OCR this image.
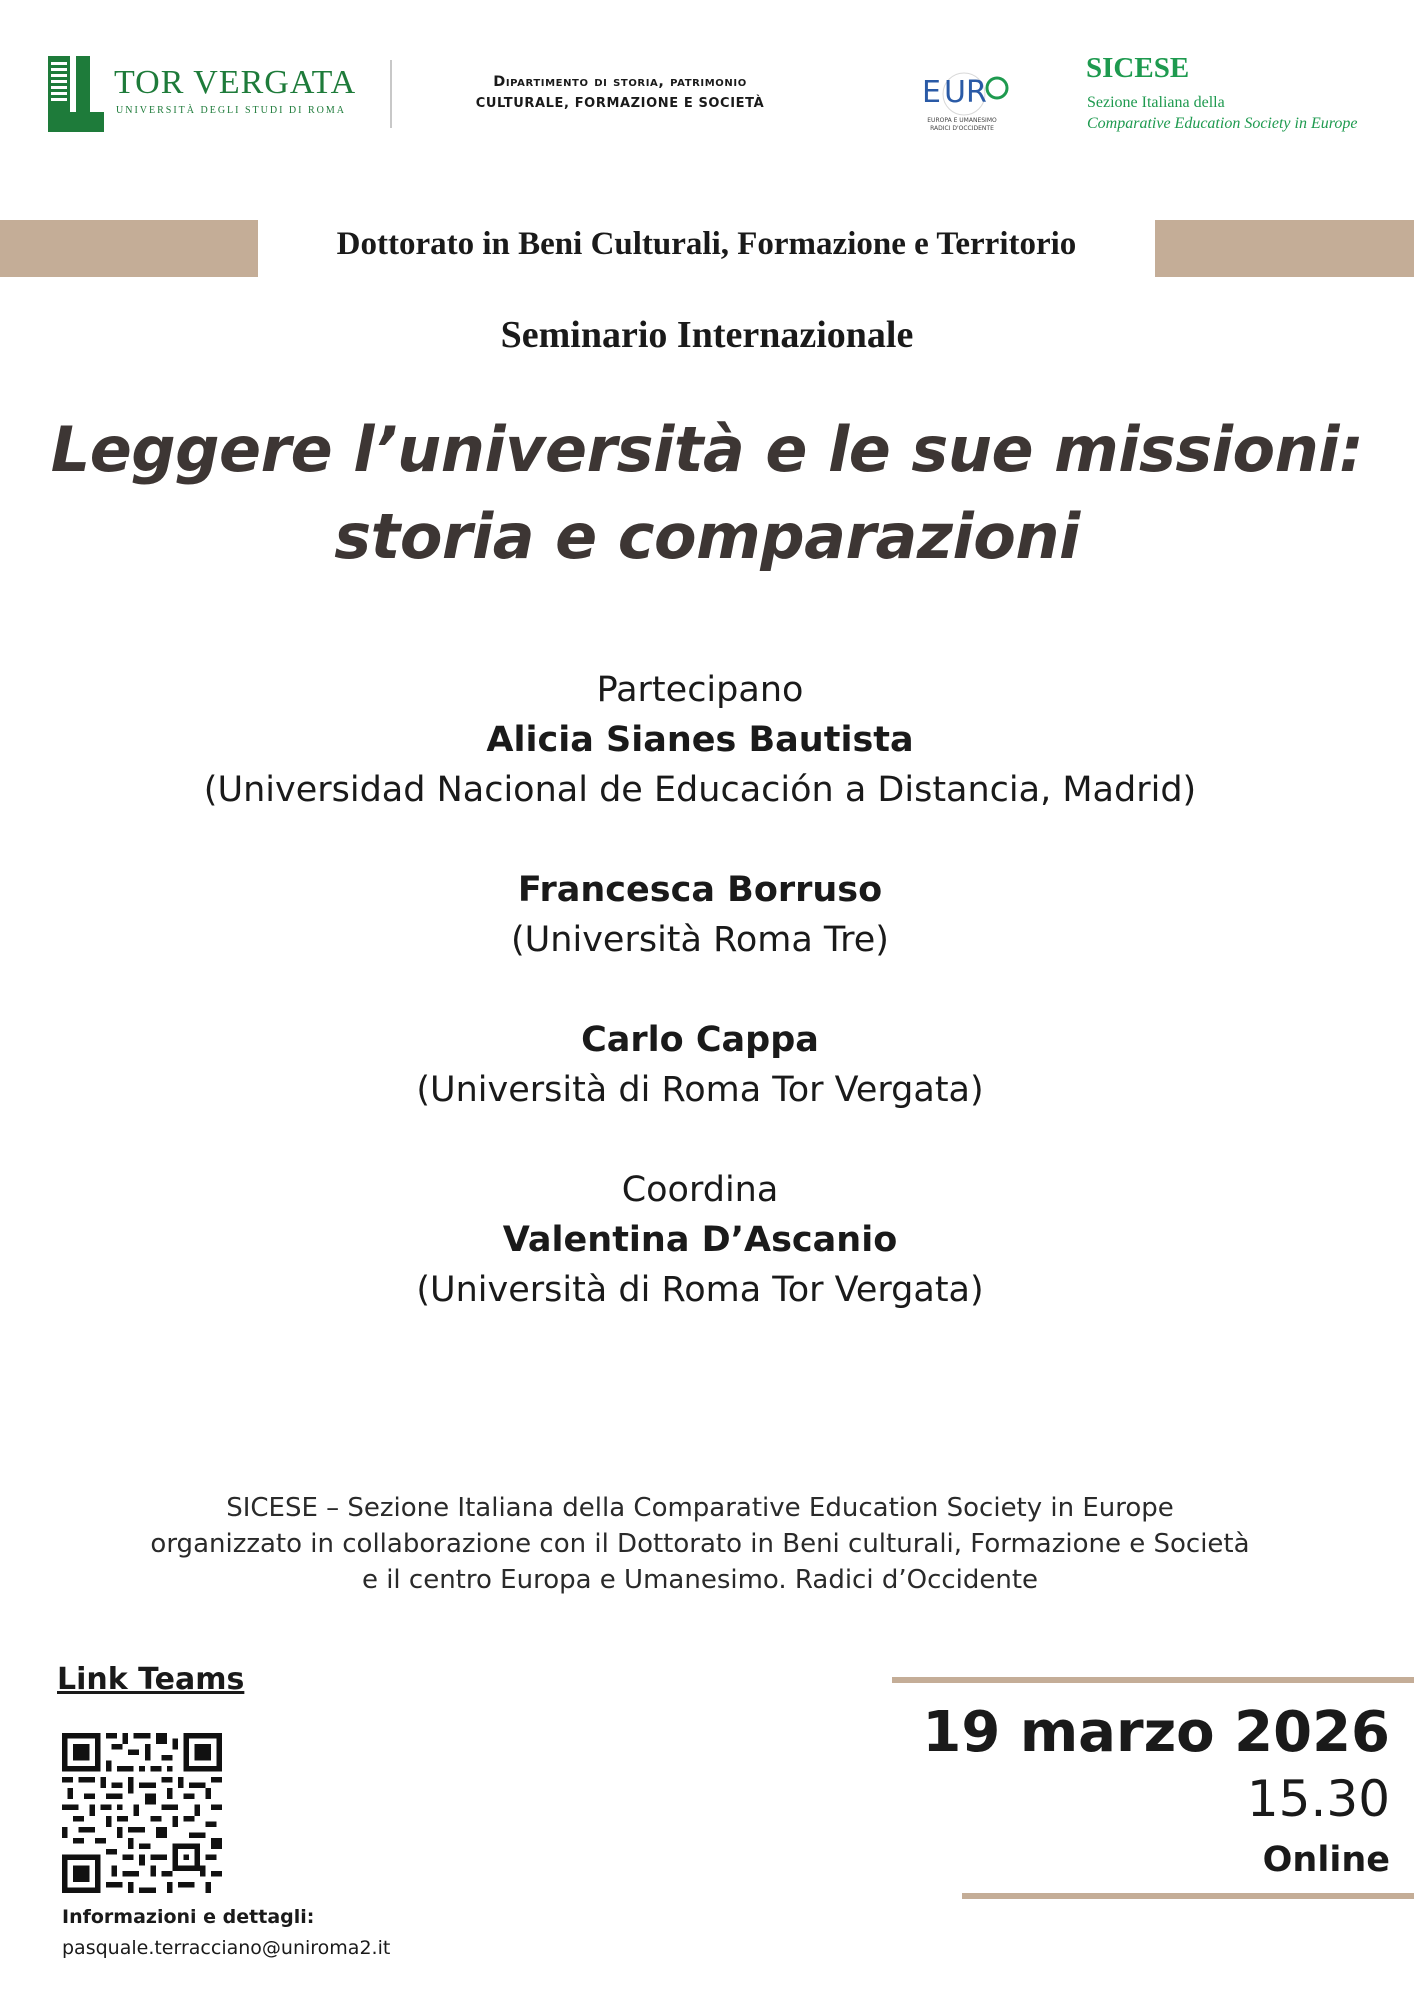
TOR VERGATA
UNIVERSITÀ DEGLI STUDI DI ROMA
Dipartimento di storia, patrimonio
CULTURALE, FORMAZIONE E SOCIETÀ	E U R
EUROPA E UMANESIMO
RADICI D'OCCIDENTE
SICESE
Sezione Italiana della
Comparative Education Society in Europe
Dottorato in Beni Culturali, Formazione e Territorio
Seminario Internazionale
Leggere l’università e le sue missioni:
storia e comparazioni
Partecipano
Alicia Sianes Bautista
(Universidad Nacional de Educación a Distancia, Madrid)
Francesca Borruso
(Università Roma Tre)
Carlo Cappa
(Università di Roma Tor Vergata)
Coordina
Valentina D’Ascanio
(Università di Roma Tor Vergata)
SICESE – Sezione Italiana della Comparative Education Society in Europe
organizzato in collaborazione con il Dottorato in Beni culturali, Formazione e Società
e il centro Europa e Umanesimo. Radici d’Occidente
Link Teams
Informazioni e dettagli:
pasquale.terracciano@uniroma2.it
19 marzo 2026
15.30
Online
